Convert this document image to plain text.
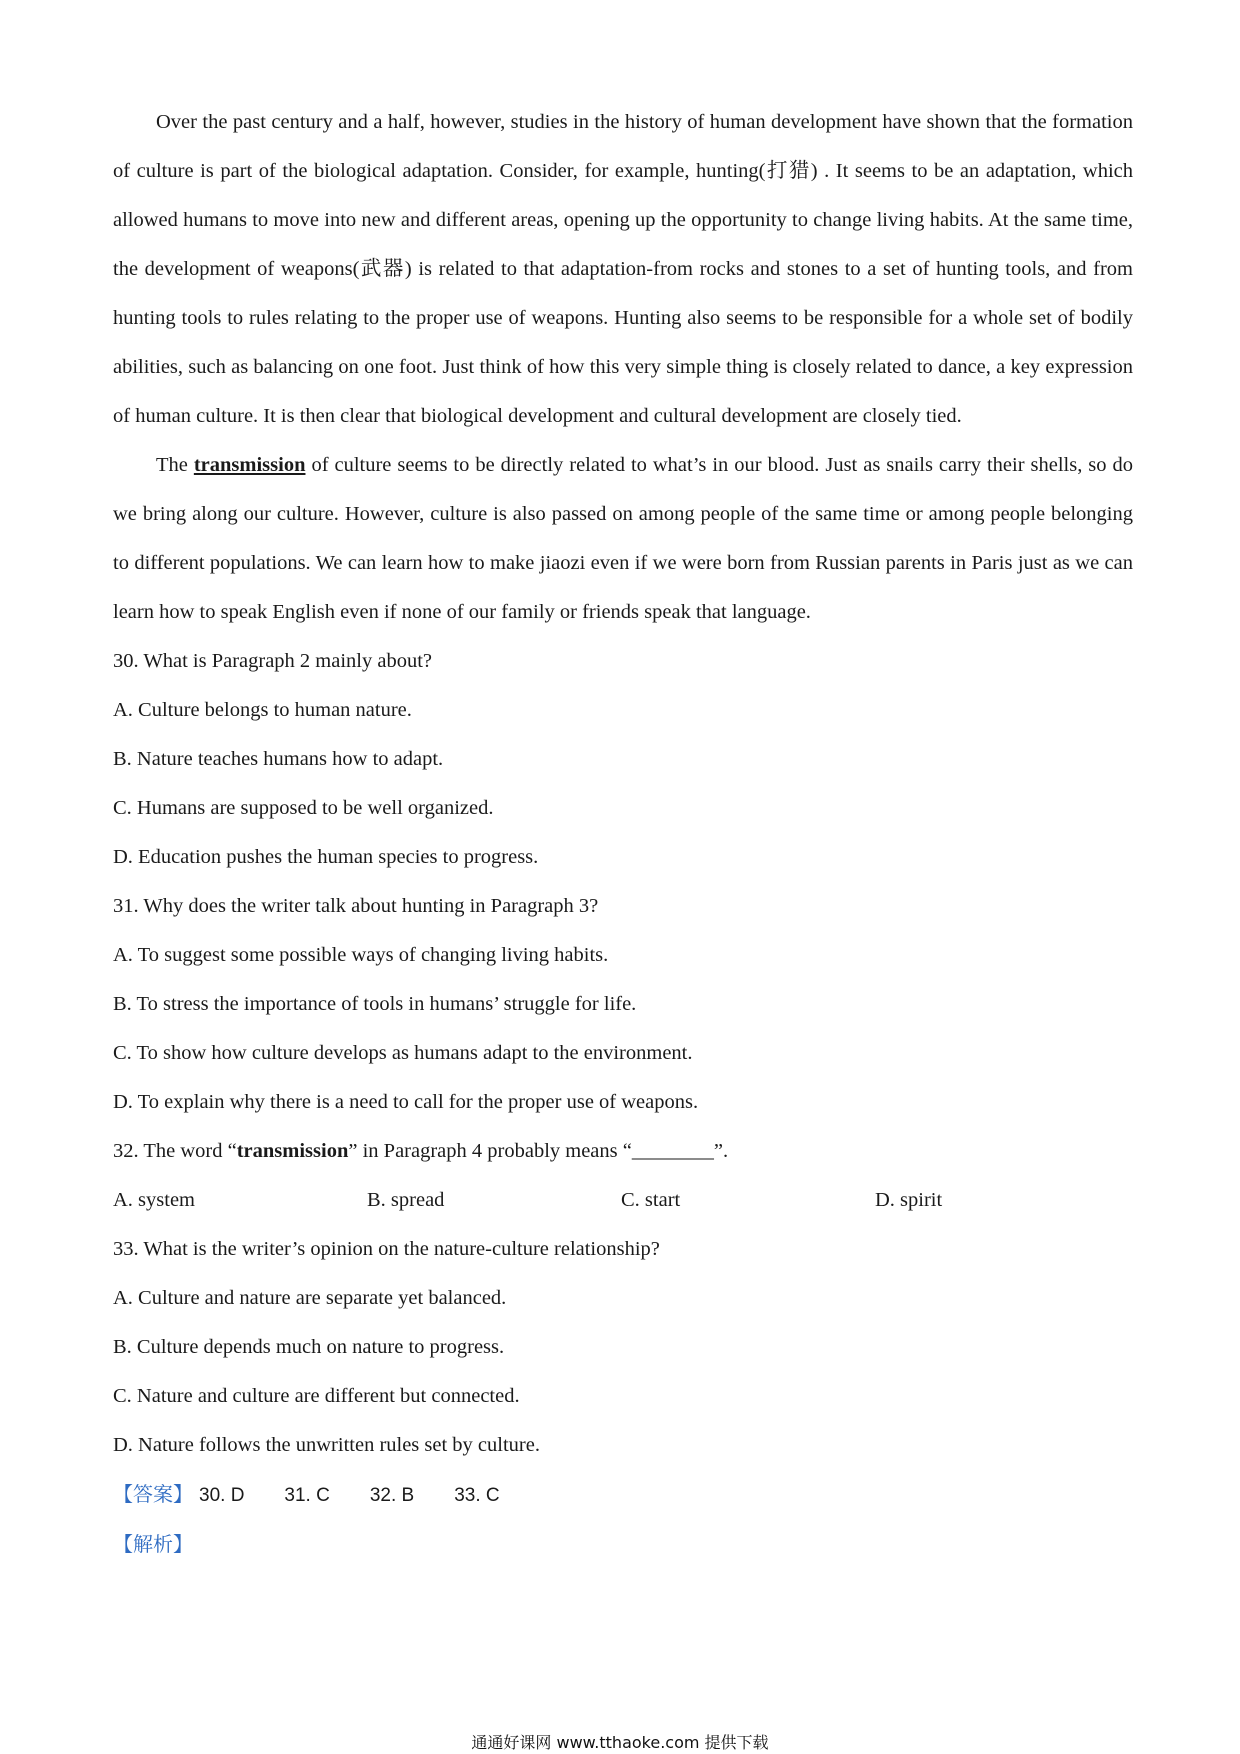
Over the past century and a half, however, studies in the history of human development have shown that the formation of culture is part of the biological adaptation. Consider, for example, hunting(打猎) . It seems to be an adaptation, which allowed humans to move into new and different areas, opening up the opportunity to change living habits. At the same time, the development of weapons(武器) is related to that adaptation-from rocks and stones to a set of hunting tools, and from hunting tools to rules relating to the proper use of weapons. Hunting also seems to be responsible for a whole set of bodily abilities, such as balancing on one foot. Just think of how this very simple thing is closely related to dance, a key expression of human culture. It is then clear that biological development and cultural development are closely tied.

The transmission of culture seems to be directly related to what’s in our blood. Just as snails carry their shells, so do we bring along our culture. However, culture is also passed on among people of the same time or among people belonging to different populations. We can learn how to make jiaozi even if we were born from Russian parents in Paris just as we can learn how to speak English even if none of our family or friends speak that language.

30. What is Paragraph 2 mainly about?

A. Culture belongs to human nature.

B. Nature teaches humans how to adapt.

C. Humans are supposed to be well organized.

D. Education pushes the human species to progress.

31. Why does the writer talk about hunting in Paragraph 3?

A. To suggest some possible ways of changing living habits.

B. To stress the importance of tools in humans’ struggle for life.

C. To show how culture develops as humans adapt to the environment.

D. To explain why there is a need to call for the proper use of weapons.

32. The word “transmission” in Paragraph 4 probably means “________”.

A. system	B. spread	C. start	D. spirit

33. What is the writer’s opinion on the nature-culture relationship?

A. Culture and nature are separate yet balanced.

B. Culture depends much on nature to progress.

C. Nature and culture are different but connected.

D. Nature follows the unwritten rules set by culture.

【答案】 30. D 31. C 32. B 33. C
【解析】
通通好课网 www.tthaoke.com 提供下载
